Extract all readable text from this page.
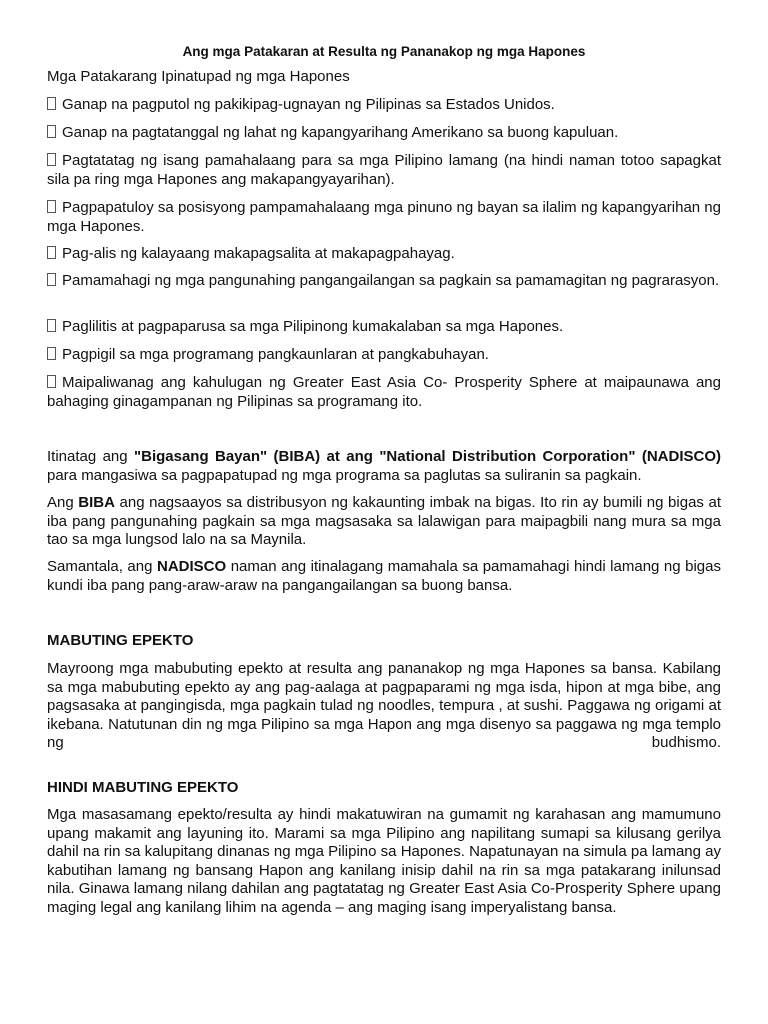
Ang mga Patakaran at Resulta ng Pananakop ng mga Hapones
Mga Patakarang Ipinatupad ng mga Hapones
Ganap na pagputol ng pakikipag-ugnayan ng Pilipinas sa Estados Unidos.
Ganap na pagtatanggal ng lahat ng kapangyarihang Amerikano sa buong kapuluan.
Pagtatatag ng isang pamahalaang para sa mga Pilipino lamang (na hindi naman totoo sapagkat sila pa ring mga Hapones ang makapangyayarihan).
Pagpapatuloy sa posisyong pampamahalaang mga pinuno ng bayan sa ilalim ng kapangyarihan ng mga Hapones.
Pag-alis ng kalayaang makapagsalita at makapagpahayag.
Pamamahagi ng mga pangunahing pangangailangan sa pagkain sa pamamagitan ng pagrarasyon.
Paglilitis at pagpaparusa sa mga Pilipinong kumakalaban sa mga Hapones.
Pagpigil sa mga programang pangkaunlaran at pangkabuhayan.
Maipaliwanag ang kahulugan ng Greater East Asia Co- Prosperity Sphere at maipaunawa ang bahaging ginagampanan ng Pilipinas sa programang ito.
Itinatag ang "Bigasang Bayan" (BIBA) at ang "National Distribution Corporation" (NADISCO) para mangasiwa sa pagpapatupad ng mga programa sa paglutas sa suliranin sa pagkain.
Ang BIBA ang nagsaayos sa distribusyon ng kakaunting imbak na bigas. Ito rin ay bumili ng bigas at iba pang pangunahing pagkain sa mga magsasaka sa lalawigan para maipagbili nang mura sa mga tao sa mga lungsod lalo na sa Maynila.
Samantala, ang NADISCO naman ang itinalagang mamahala sa pamamahagi hindi lamang ng bigas kundi iba pang pang-araw-araw na pangangailangan sa buong bansa.
MABUTING EPEKTO
Mayroong mga mabubuting epekto at resulta ang pananakop ng mga Hapones sa bansa. Kabilang sa mga mabubuting epekto ay ang pag-aalaga at pagpaparami ng mga isda, hipon at mga bibe, ang pagsasaka at pangingisda, mga pagkain tulad ng noodles, tempura , at sushi. Paggawa ng origami at ikebana. Natutunan din ng mga Pilipino sa mga Hapon ang mga disenyo sa paggawa ng mga templo ng budhismo.
HINDI MABUTING EPEKTO
Mga masasamang epekto/resulta ay hindi makatuwiran na gumamit ng karahasan ang mamumuno upang makamit ang layuning ito. Marami sa mga Pilipino ang napilitang sumapi sa kilusang gerilya dahil na rin sa kalupitang dinanas ng mga Pilipino sa Hapones. Napatunayan na simula pa lamang ay kabutihan lamang ng bansang Hapon ang kanilang inisip dahil na rin sa mga patakarang inilunsad nila. Ginawa lamang nilang dahilan ang pagtatatag ng Greater East Asia Co-Prosperity Sphere upang maging legal ang kanilang lihim na agenda – ang maging isang imperyalistang bansa.
